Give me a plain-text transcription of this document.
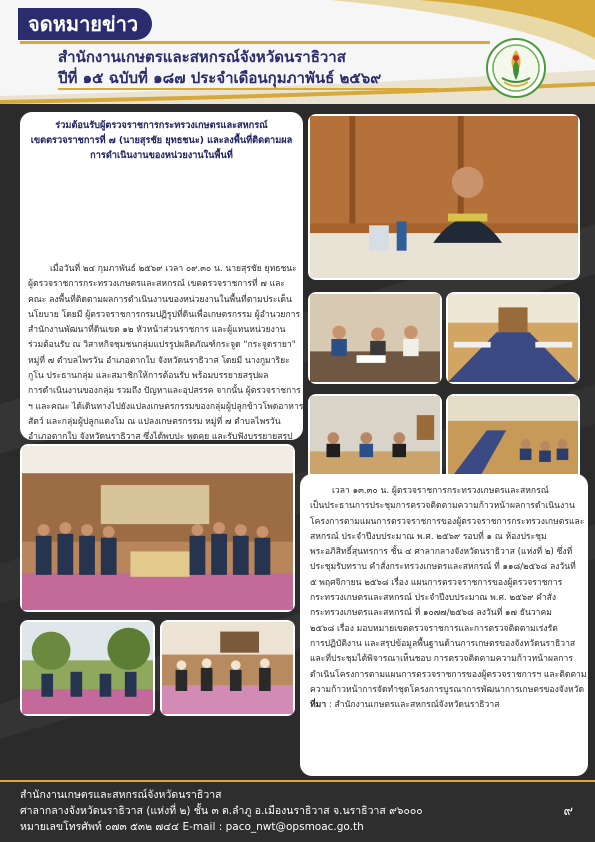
จดหมายข่าว
สำนักงานเกษตรและสหกรณ์จังหวัดนราธิวาส
ปีที่ ๑๕ ฉบับที่ ๑๘๗ ประจำเดือนกุมภาพันธ์ ๒๕๖๙
ร่วมต้อนรับผู้ตรวจราชการกระทรวงเกษตรและสหกรณ์
เขตตรวจราชการที่ ๗ (นายสุรชัย ยุทธชนะ) และลงพื้นที่ติดตามผล
การดำเนินงานของหน่วยงานในพื้นที่
เมื่อวันที่ ๒๔ กุมภาพันธ์ ๒๕๖๙ เวลา ๐๙.๓๐ น. นายสุรชัย ยุทธชนะ
ผู้ตรวจราชการกระทรวงเกษตรและสหกรณ์ เขตตรวจราชการที่ ๗ และ
คณะ ลงพื้นที่ติดตามผลการดำเนินงานของหน่วยงานในพื้นที่ตามประเด็น
นโยบาย โดยมี ผู้ตรวจราชการกรมปฏิรูปที่ดินเพื่อเกษตรกรรม ผู้อำนวยการ
สำนักงานพัฒนาที่ดินเขต ๑๒ หัวหน้าส่วนราชการ และผู้แทนหน่วยงาน
ร่วมต้อนรับ ณ วิสาหกิจชุมชนกลุ่มแปรรูปผลิตภัณฑ์กระจูด "กระจูดรายา"
หมู่ที่ ๗ ตำบลไพรวัน อำเภอตากใบ จังหวัดนราธิวาส โดยมี นางกูมาริยะ
กูโน ประธานกลุ่ม และสมาชิกให้การต้อนรับ พร้อมบรรยายสรุปผล
การดำเนินงานของกลุ่ม รวมถึง ปัญหาและอุปสรรค จากนั้น ผู้ตรวจราชการ
ฯ และคณะ ได้เดินทางไปยังแปลงเกษตรกรรมของกลุ่มผู้ปลูกข้าวโพดอาหาร
สัตว์ และกลุ่มผู้ปลูกแตงโม ณ แปลงเกษตรกรรม หมู่ที่ ๗ ตำบลไพรวัน
อำเภอตากใบ จังหวัดนราธิวาส ซึ่งได้พบปะ พูดคุย และรับฟังบรรยายสรุป
เวลา ๑๓.๓๐ น. ผู้ตรวจราชการกระทรวงเกษตรและสหกรณ์
เป็นประธานการประชุมการตรวจติดตามความก้าวหน้าผลการดำเนินงาน
โครงการตามแผนการตรวจราชการของผู้ตรวจราชการกระทรวงเกษตรและ
สหกรณ์ ประจำปีงบประมาณ พ.ศ. ๒๕๖๙ รอบที่ ๑ ณ ห้องประชุม
พระอภิสิทธิ์สุนทรการ ชั้น ๔ ศาลากลางจังหวัดนราธิวาส (แห่งที่ ๒) ซึ่งที่
ประชุมรับทราบ คำสั่งกระทรวงเกษตรและสหกรณ์ ที่ ๑๑๘/๒๕๖๘ ลงวันที่
๕ พฤศจิกายน ๒๕๖๘ เรื่อง แผนการตรวจราชการของผู้ตรวจราชการ
กระทรวงเกษตรและสหกรณ์ ประจำปีงบประมาณ พ.ศ. ๒๕๖๙ คำสั่ง
กระทรวงเกษตรและสหกรณ์ ที่ ๑๐๗๗/๒๕๖๘ ลงวันที่ ๑๗ ธันวาคม
๒๕๖๘ เรื่อง มอบหมายเขตตรวจราชการและการตรวจติดตามเร่งรัด
การปฏิบัติงาน และสรุปข้อมูลพื้นฐานด้านการเกษตรของจังหวัดนราธิวาส
และที่ประชุมได้พิจารณาเห็นชอบ การตรวจติดตามความก้าวหน้าผลการ
ดำเนินโครงการตามแผนการตรวจราชการของผู้ตรวจราชการฯ และติดตาม
ความก้าวหน้าการจัดทำชุดโครงการบูรณาการพัฒนาการเกษตรของจังหวัด
ที่มา : สำนักงานเกษตรและสหกรณ์จังหวัดนราธิวาส
สำนักงานเกษตรและสหกรณ์จังหวัดนราธิวาส
ศาลากลางจังหวัดนราธิวาส (แห่งที่ ๒) ชั้น ๓ ต.ลำภู อ.เมืองนราธิวาส จ.นราธิวาส ๙๖๐๐๐
หมายเลขโทรศัพท์ ๐๗๓ ๕๓๒ ๗๔๔ E-mail : paco_nwt@opsmoac.go.th
๙
